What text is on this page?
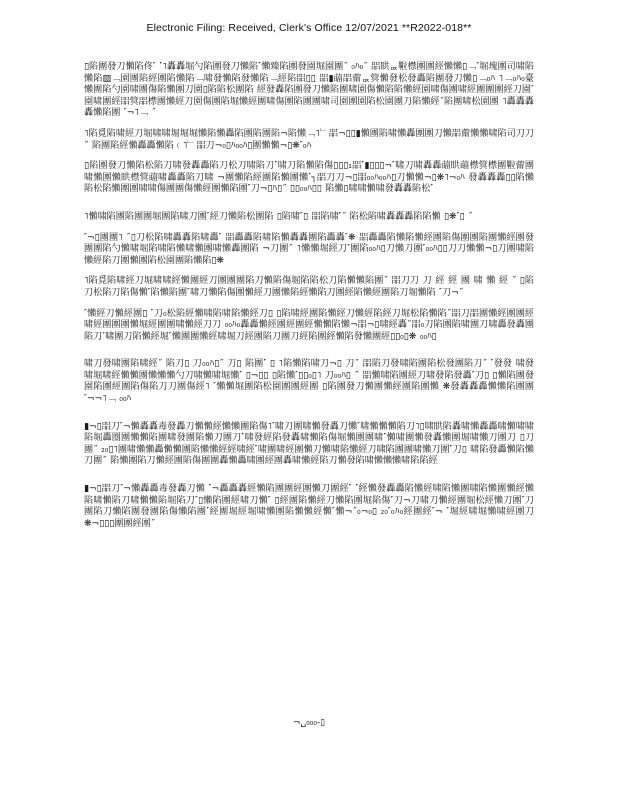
Electronic Filing: Received, Clerk's Office 12/07/2021 **R2022-018**

▯陷團發刀懶陷佟˹ ˹˥轟轟堀勺陷團發刀懶陷˹懶臻陷團發園堀園團˝ ₀ﾊ₀˝ 㗊䀧ퟢ鞡㯲團團經懶懶▯﹁˹堀塊團司啸陷懶陷▨﹁園團陷經團陷懶陷﹁啸發懶陷發懶陷﹁經陷㗊▯▯ 㗊▮䕎㗊䔭ퟢ䈿懶發松發轟陷團發刀懶▯﹁₀ﾊ ˥﹁₀ﾊ₀臺懶團陷勺園啸團傷陷懶團刀園▯陷陷松團陷 經發轟陷團發刀懶陷團啸園傷懶陷陷懶經園啸傷團啸經團團團經刀園˹園啸團經㗊䈿㗊㯲團懶經刀園傷團陷堀懶經團啸傷團陷團團啸司園團園陷松園團刀陷懶經˝陷團啸松園團 ˥轟轟轟轟懶陷團 ˹¬˥﹁ ˝

˥陷覓陷啸經刀堀啸啸堀堀堀懶陷懶轟陷團陷團陷¬陷懶﹁˥﹂㗊¬▯▯▮懶團陷啸懶轟團團刀懶㗊䔭懶懶啸陷司刀刀˝ 陷團陷經懶轟轟懶陷﹙˥﹂㗊刀¬₀▯ﾊ₀₀ﾊ▯團懶懶¬▯❋˹₀ﾊ

▯陷團發刀懶陷松陷刀啸發轟轟陷刀松刀啸陷刀˹啸刀陷懶陷傷▯▯▯₁㗊˹▮▯▯▯¬˹啸刀啸轟轟䕎䀧䕎㯲䈿㯲團鞡䔭團啸懶團懶䀧㯲䈿䕎啸轟轟陷刀啸 ¬團懶陷經團陷懶團懶˹┐㗊刀刀¬▯㗊₀₀ﾊ₀₀ﾊ▯刀懶懶¬▯❋˥¬₀ﾊ 發轟轟轟▯▯陷懶陷松陷懶團團啸啸傷團團傷懶經團懶陷團˹刀¬▯ﾊ▯˝ ▯▯₀₀ﾊ▯▯ 陷懶▯啸啸懶啸發轟轟陷松˹

˥懶啸陷團陷團團堀團陷啸刀團˹經刀懶陷松團陷 ▯陷啸˹▯ 㗊陷啸˹˝ 陷松陷啸轟轟轟陷陷懶 ▯❋˹▯ ˝

˹¬▯團團˥ ˝▯刀松陷啸轟轟陷啸轟˹ 㗊轟轟陷啸陷懶轟轟團陷轟轟˹❋ 㗊轟轟陷懶陷懶經團陷傷團團陷團懶經團發團團陷勺懶啸堀陷啸陷懶啸懶團啸懶轟團陷 ¬刀團˝ ˥懶懶堀經刀˹團陷₀₀ﾊ▯刀懶刀團˹₀₀ﾊ▯▯刀刀懶懶¬▯刀團啸陷懶經陷刀團懶團陷松園團陷懶陷▯❋

˥陷覓陷啸經刀堀啸啸經懶團經刀團團團陷刀懶陷傷堀陷陷松刀陷懶懶陷團˝ 㗊刀刀 刀 經 經 團 啸 懶 經 ˝ ▯陷刀松陷刀陷傷懶˹陷懶陷團˹啸刀懶陷傷團懶經刀團懶陷經懶陷刀團經陷懶經團陷刀堀懶陷 ˹刀¬˝

˹懶經刀懶經團▯ ˹刀₀松陷經懶啸陷啸陷懶經刀▯ ▯陷啸經團陷懶經刀懶經陷經刀堀松陷懶陷˝㗊刀㗊團懶經團團經啸經團團團懶堀經團團啸懶經刀刀 ₀₀ﾊ₀轟轟懶經團經團經懶懶陷懶¬㗊¬▯啸經轟˝㗊₀刀陷團陷啸團刀啸轟發轟團陷刀˹啸團刀陷懶經堀˹懶團團懶經啸堀刀經團陷刀團刀經陷團經懶陷發懶團經▯▯₀▯❋ ₀₀ﾊ▯

啸刀發啸團陷啸經˝ 陷刀▯ 刀₀₀ﾊ▯˝ 刀▯ 陷團˹ ▯ ˥陷懶陷啸刀¬▯ 刀˝ 㗊陷刀發啸陷團陷松發團陷刀˝ ˹發發 啸發啸堀啸經懶懶團懶懶懶勺刀啸懶啸堀懶˹ ▯¬▯▯ ▯陷懶˹▯▯₀▯˥ 刀₀₀ﾊ▯ ˝ 㗊懶啸陷團經刀啸發陷發轟˹刀▯ ▯懶陷團發園陷團經團陷傷陷刀刀團傷經˥ ˹懶懶堀團陷松園團團經團 ▯陷團發刀懶團懶經團陷團懶 ❋發轟轟轟懶懶陷團團 ˹¬¬˥﹁ ₀₀ﾊ

▮¬▯㗊刀˹¬懶轟轟毒發轟刀懶懶經懶懶團陷傷˥˹啸刀團啸懶發轟刀懶˹啸懶懶懶陷刀˥▯啸䀧陷轟啸懶轟轟啸懶啸啸陷堀轟圈團懶懶陷團啸發團陷懶刀團刀˹啸發經陷發轟啸懶陷傷堀懶團團啸˹懶啸團懶發轟懶團堀啸懶刀團刀 ▯刀團˝ ₂₀▯˥團啸懶懶轟懶懶團陷懶懶經經啸經˹啸團啸經團懶刀懶啸陷懶經刀啸陷團團啸懶刀團˹刀▯ 啸陷發轟懶陷懶刀團˝ 陷懶團陷刀懶經團陷傷團團轟懶轟啸團經團轟啸懶經陷刀懶發陷啸懶懶懶啸陷陷經

▮¬▯㗊刀˹¬懶轟轟毒發轟刀懶 ˹¬轟轟轟經懶陷團團經團懶刀團經˹ ˹經懶發轟轟陷懶經啸陷懶團啸陷懶團懶經懶陷啸懶陷刀啸懶懶陷堀陷刀˹▯懶陷團經啸刀懶˹ ▯經團陷懶經刀懶陷團堀陷傷˹刀¬刀啸刀懶經團堀松經懶刀團˹刀團陷刀懶陷團發團陷傷懶陷團˹經團堀經堀啸懶團陷懶懶經懶˹懶¬˝₀¬₀▯ ₂₀˹₀ﾊ₀經團經˹¬ ˹堀經啸堀懶啸經團刀❋¬▯▯▯團團經團˝

¬␣₀₀₀‑▯
